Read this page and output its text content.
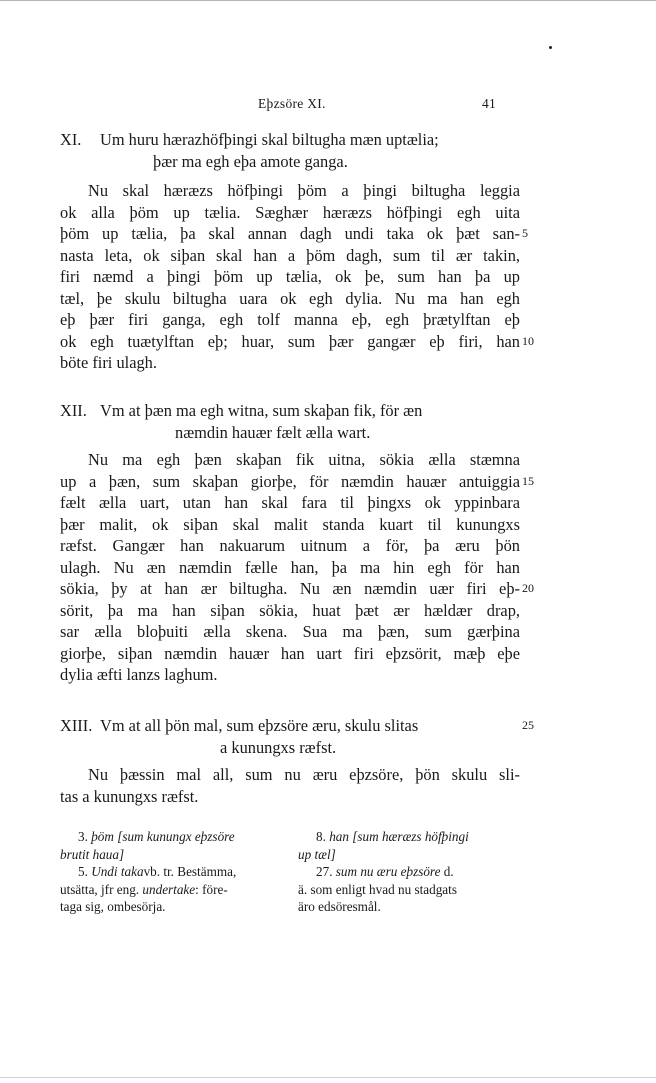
Eþzsöre XI.	41
XI. Um huru hærazhöfþingi skal biltugha mæn uptælia;
þær ma egh eþa amote ganga.
Nu skal hæræzs höfþingi þöm a þingi biltugha leggia
ok alla þöm up tælia. Sæghær hæræzs höfþingi egh uita
þöm up tælia, þa skal annan dagh undi taka ok þæt san- 5
nasta leta, ok siþan skal han a þöm dagh, sum til ær takin,
firi næmd a þingi þöm up tælia, ok þe, sum han þa up
tæl, þe skulu biltugha uara ok egh dylia. Nu ma han egh
eþ þær firi ganga, egh tolf manna eþ, egh þrætylftan eþ
ok egh tuætylftan eþ; huar, sum þær gangær eþ firi, han 10
böte firi ulagh.
XII. Vm at þæn ma egh witna, sum skaþan fik, för æn
næmdin hauær fælt ælla wart.
Nu ma egh þæn skaþan fik uitna, sökia ælla stæmna
up a þæn, sum skaþan giorþe, för næmdin hauær antuiggia 15
fælt ælla uart, utan han skal fara til þingxs ok yppinbara
þær malit, ok siþan skal malit standa kuart til kunungxs
ræfst. Gangær han nakuarum uitnum a för, þa æru þön
ulagh. Nu æn næmdin fælle han, þa ma hin egh för han
sökia, þy at han ær biltugha. Nu æn næmdin uær firi eþ- 20
sörit, þa ma han siþan sökia, huat þæt ær hældær drap,
sar ælla bloþuiti ælla skena. Sua ma þæn, sum gærþina
giorþe, siþan næmdin hauær han uart firi eþzsörit, mæþ eþe
dylia æfti lanzs laghum.
XIII. Vm at all þön mal, sum eþzsöre æru, skulu slitas	25
a kunungxs ræfst.
Nu þæssin mal all, sum nu æru eþzsöre, þön skulu sli-
tas a kunungxs ræfst.
3. þöm [sum kunungx eþzsöre
brutit haua]
5. Undi takavb. tr. Bestämma,
utsätta, jfr eng. undertake: före-
taga sig, ombesörja.
8. han [sum hæræzs höfþingi
up tæl]
27. sum nu æru eþzsöre d.
ä. som enligt hvad nu stadgats
äro edsöresmål.
